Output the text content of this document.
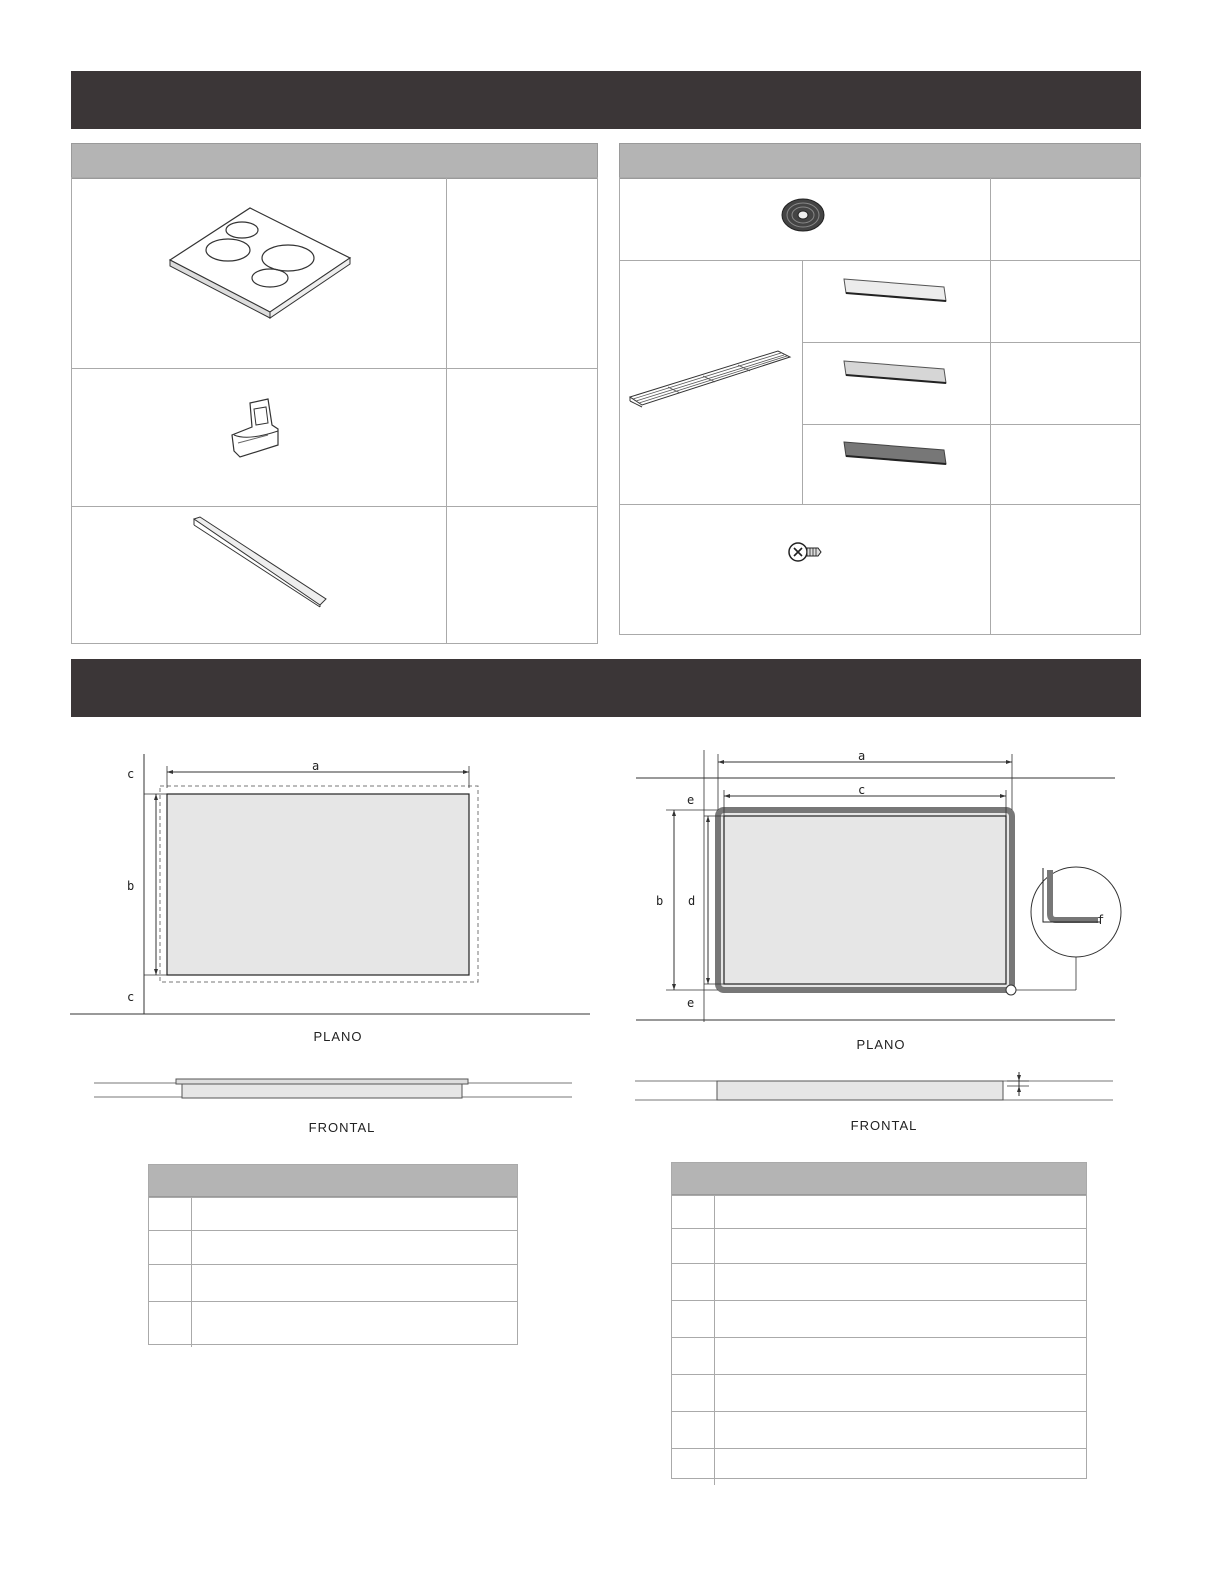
c
a
b
c
PLANO
FRONTAL
e
a
c
b d
e
f
PLANO
FRONTAL
